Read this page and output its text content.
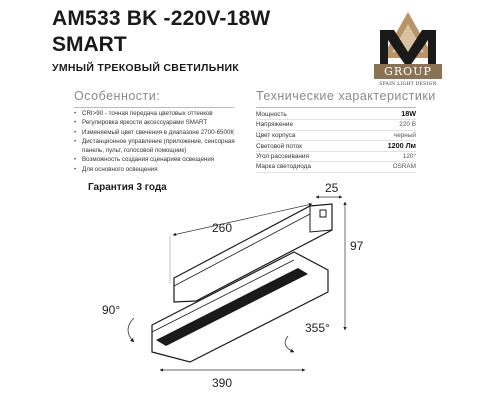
AM533 BK -220V-18W
SMART
УМНЫЙ ТРЕКОВЫЙ СВЕТИЛЬНИК	GROUP
SPAIN LIGHT DESIGN
Особенности:
• CRI>90 - точная передача цветовых оттенков
• Регулировка яркости аксессуарами SMART
• Изменяемый цвет свечения в диапазоне 2700-6500К
• Дистанционное управление (приложение, сенсорная панель, пульт, голосовой помощник)
• Возможность создания сценариев освещения
• Для основного освещения
Технические характеристики
Мощность	18W
Напряжение	220 В
Цвет корпуса	черный
Световой поток	1200 Лм
Угол рассеивания	120°
Марка светодиода	OSRAM
Гарантия 3 года
260
25
97
390
90°
355°
